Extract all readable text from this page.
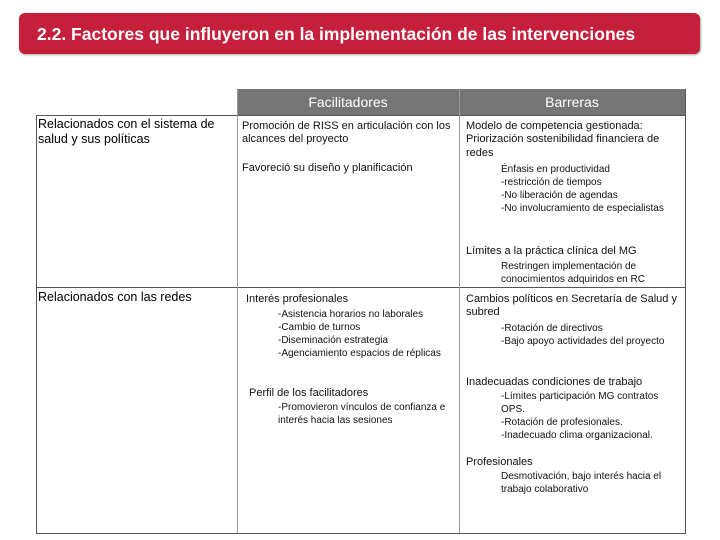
2.2. Factores que influyeron en la implementación de las intervenciones
Facilitadores	Barreras
Relacionados con el sistema de salud y sus políticas
Promoción de RISS en articulación con los alcances del proyecto
Favoreció su diseño y planificación
Modelo de competencia gestionada: Priorización sostenibilidad financiera de redes
Énfasis en productividad
-restricción de tiempos
-No liberación de agendas
-No involucramiento de especialistas
Límites a la práctica clínica del MG
Restringen implementación de conocimientos adquiridos en RC
Relacionados con las redes	Interés profesionales
-Asistencia horarios no laborales
-Cambio de turnos
-Diseminación estrategia
-Agenciamiento espacios de réplicas
Perfil de los facilitadores
-Promovieron vínculos de confianza e interés hacia las sesiones
Cambios políticos en Secretaría de Salud y subred
-Rotación de directivos
-Bajo apoyo actividades del proyecto
Inadecuadas condiciones de trabajo
-Límites participación MG contratos OPS.
-Rotación de profesionales.
-Inadecuado clima organizacional.
Profesionales
Desmotivación, bajo interés hacia el trabajo colaborativo
